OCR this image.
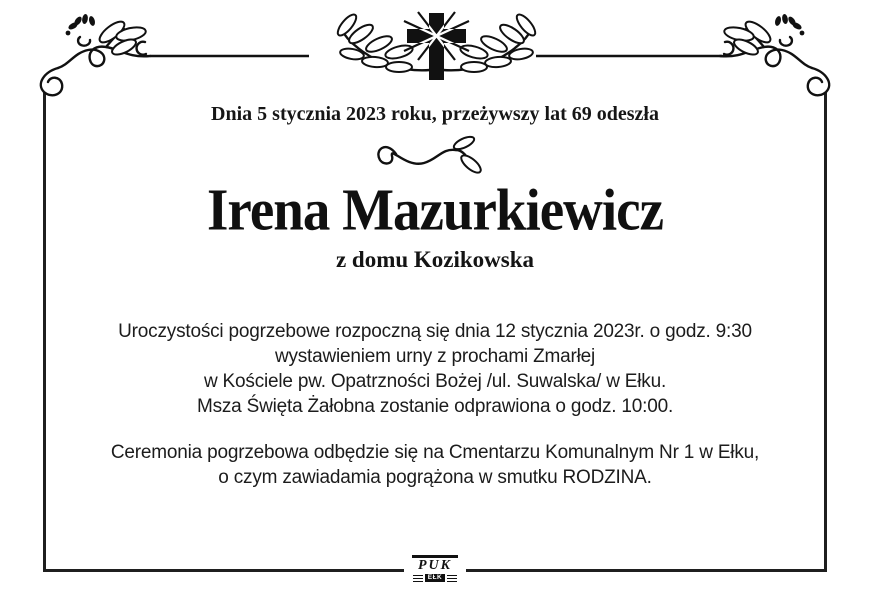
Dnia 5 stycznia 2023 roku, przeżywszy lat 69 odeszła
Irena Mazurkiewicz
z domu Kozikowska
Uroczystości pogrzebowe rozpoczną się dnia 12 stycznia 2023r. o godz. 9:30
wystawieniem urny z prochami Zmarłej
w Kościele pw. Opatrzności Bożej /ul. Suwalska/ w Ełku.
Msza Święta Żałobna zostanie odprawiona o godz. 10:00.
Ceremonia pogrzebowa odbędzie się na Cmentarzu Komunalnym Nr 1 w Ełku,
o czym zawiadamia pogrążona w smutku RODZINA.
PUK
EŁK
